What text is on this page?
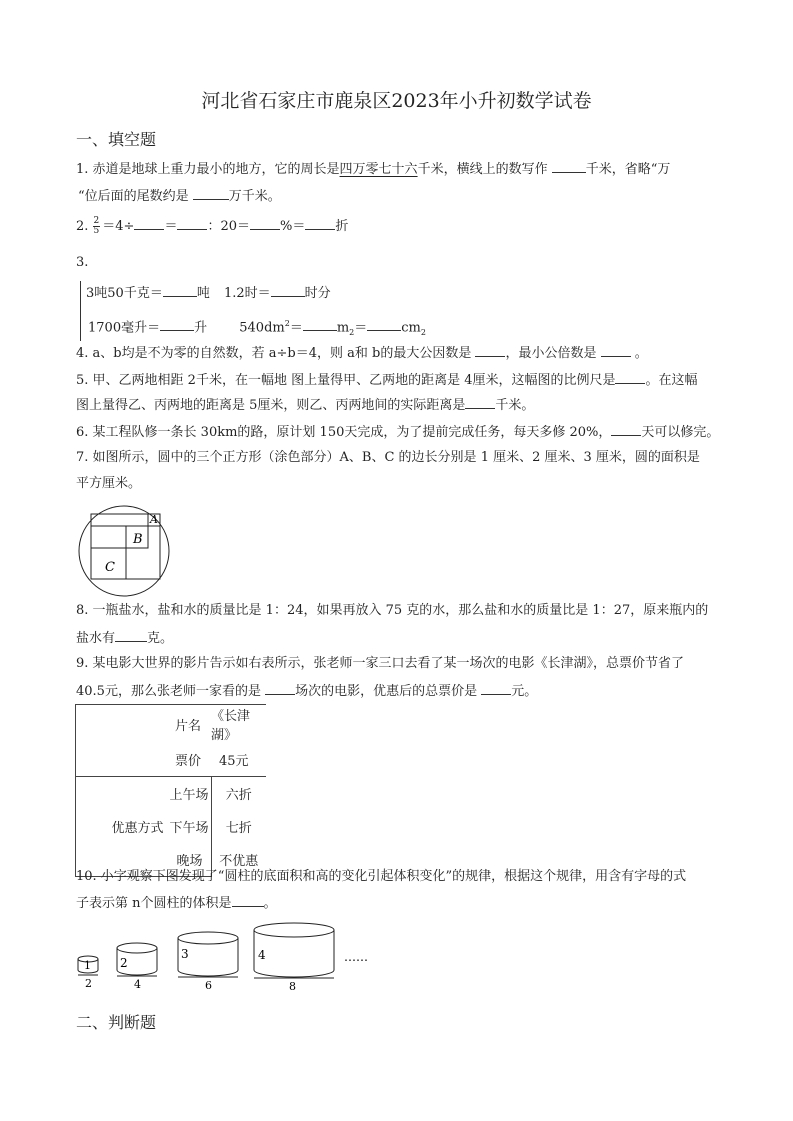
河北省石家庄市鹿泉区2023年小升初数学试卷
一、填空题
1. 赤道是地球上重力最小的地方，它的周长是四万零七十六千米，横线上的数写作	千米，省略“万
“位后面的尾数约是	万千米。
2. $\frac{2}{5} =4\div$ ＝ ：20＝ %＝ 折
3.
3吨50千克＝	吨 1.2时＝	时分
1700毫升＝	升 $540dm^2=$	$m_2=$	$cm_2$
4. a、b均是不为零的自然数，若 a÷b＝4，则 a和 b的最大公因数是	，最小公倍数是	。
5. 甲、乙两地相距 2千米，在一幅地 图上量得甲、乙两地的距离是 4厘米，这幅图的比例尺是 。在这幅
图上量得乙、丙两地的距离是 5厘米，则乙、丙两地间的实际距离是 千米。
6. 某工程队修一条长 30km的路，原计划 150天完成，为了提前完成任务，每天多修 20%， 天可以修完。
7. 如图所示，圆中的三个正方形（涂色部分）A、B、C 的边长分别是 1 厘米、2 厘米、3 厘米，圆的面积是
平方厘米。
A
B
C
8. 一瓶盐水，盐和水的质量比是 1：24，如果再放入 75 克的水，那么盐和水的质量比是 1：27，原来瓶内的
盐水有 克。
9. 某电影大世界的影片告示如右表所示，张老师一家三口去看了某一场次的电影《长津湖》，总票价节省了
40.5元，那么张老师一家看的是	场次的电影，优惠后的总票价是	元。
片名	《长津湖》
票价	45元
上午场	六折
优惠方式 下午场	七折
晚场	不优惠
10. 小字观察下图发现了“圆柱的底面积和高的变化引起体积变化”的规律，根据这个规律，用含有字母的式
子表示第 n个圆柱的体积是 。
1
2
2
4
3
6
4
8
……
二、判断题
